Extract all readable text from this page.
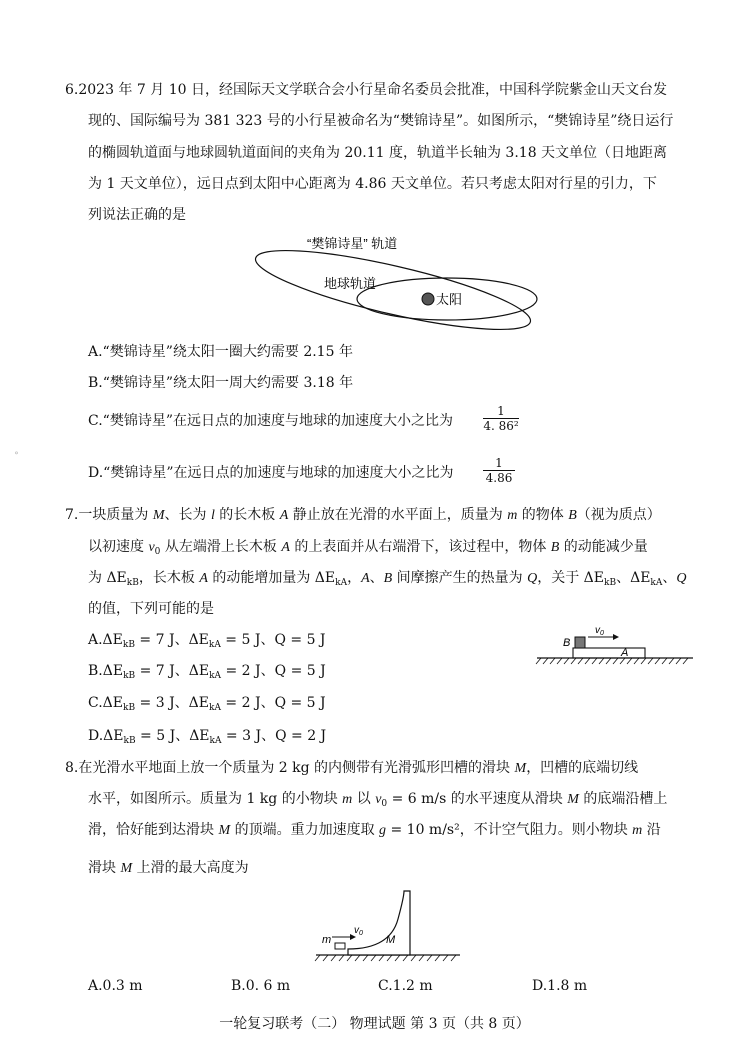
6.2023 年 7 月 10 日，经国际天文学联合会小行星命名委员会批准，中国科学院紫金山天文台发
现的、国际编号为 381 323 号的小行星被命名为“樊锦诗星”。如图所示，“樊锦诗星”绕日运行
的椭圆轨道面与地球圆轨道面间的夹角为 20.11 度，轨道半长轴为 3.18 天文单位（日地距离
为 1 天文单位），远日点到太阳中心距离为 4.86 天文单位。若只考虑太阳对行星的引力，下
列说法正确的是
“樊锦诗星” 轨道
地球轨道
太阳
A.“樊锦诗星”绕太阳一圈大约需要 2.15 年
B.“樊锦诗星”绕太阳一周大约需要 3.18 年
C.“樊锦诗星”在远日点的加速度与地球的加速度大小之比为	$\frac{1}{\text{4. 86²}}$
D.“樊锦诗星”在远日点的加速度与地球的加速度大小之比为 $\frac{1}{4.86}$
∘
7.一块质量为 M、长为 l 的长木板 A 静止放在光滑的水平面上，质量为 m 的物体 B（视为质点）
以初速度 $v_0$ 从左端滑上长木板 A 的上表面并从右端滑下，该过程中，物体 B 的动能减少量
为 $\Delta E_{kB}$，长木板 A 的动能增加量为 $\Delta E_{kA}$，A、B 间摩擦产生的热量为 Q，关于 $\Delta E_{kB}$、$\Delta E_{kA}$、Q
的值，下列可能的是
$A.\Delta E_{kB} = 7$ J、$\Delta E_{kA} = 5$ J、Q = 5 J
$B.\Delta E_{kB} = 7$ J、$\Delta E_{kA} = 2$ J、Q = 5 J
$C.\Delta E_{kB} = 3$ J、$\Delta E_{kA} = 2$ J、Q = 5 J
$D.\Delta E_{kB} = 5$ J、$\Delta E_{kA} = 3$ J、Q = 2 J
B
$v_0$
A
8.在光滑水平地面上放一个质量为 2 kg 的内侧带有光滑弧形凹槽的滑块 M，凹槽的底端切线
水平，如图所示。质量为 1 kg 的小物块 m 以 $v_0 = 6$ m/s 的水平速度从滑块 M 的底端沿槽上
滑，恰好能到达滑块 M 的顶端。重力加速度取 g = 10 m/s²，不计空气阻力。则小物块 m 沿
滑块 M 上滑的最大高度为
m
$v_0$
M
A.0.3 m	B.0. 6 m	C.1.2 m	D.1.8 m
一轮复习联考（二） 物理试题 第 3 页（共 8 页）
